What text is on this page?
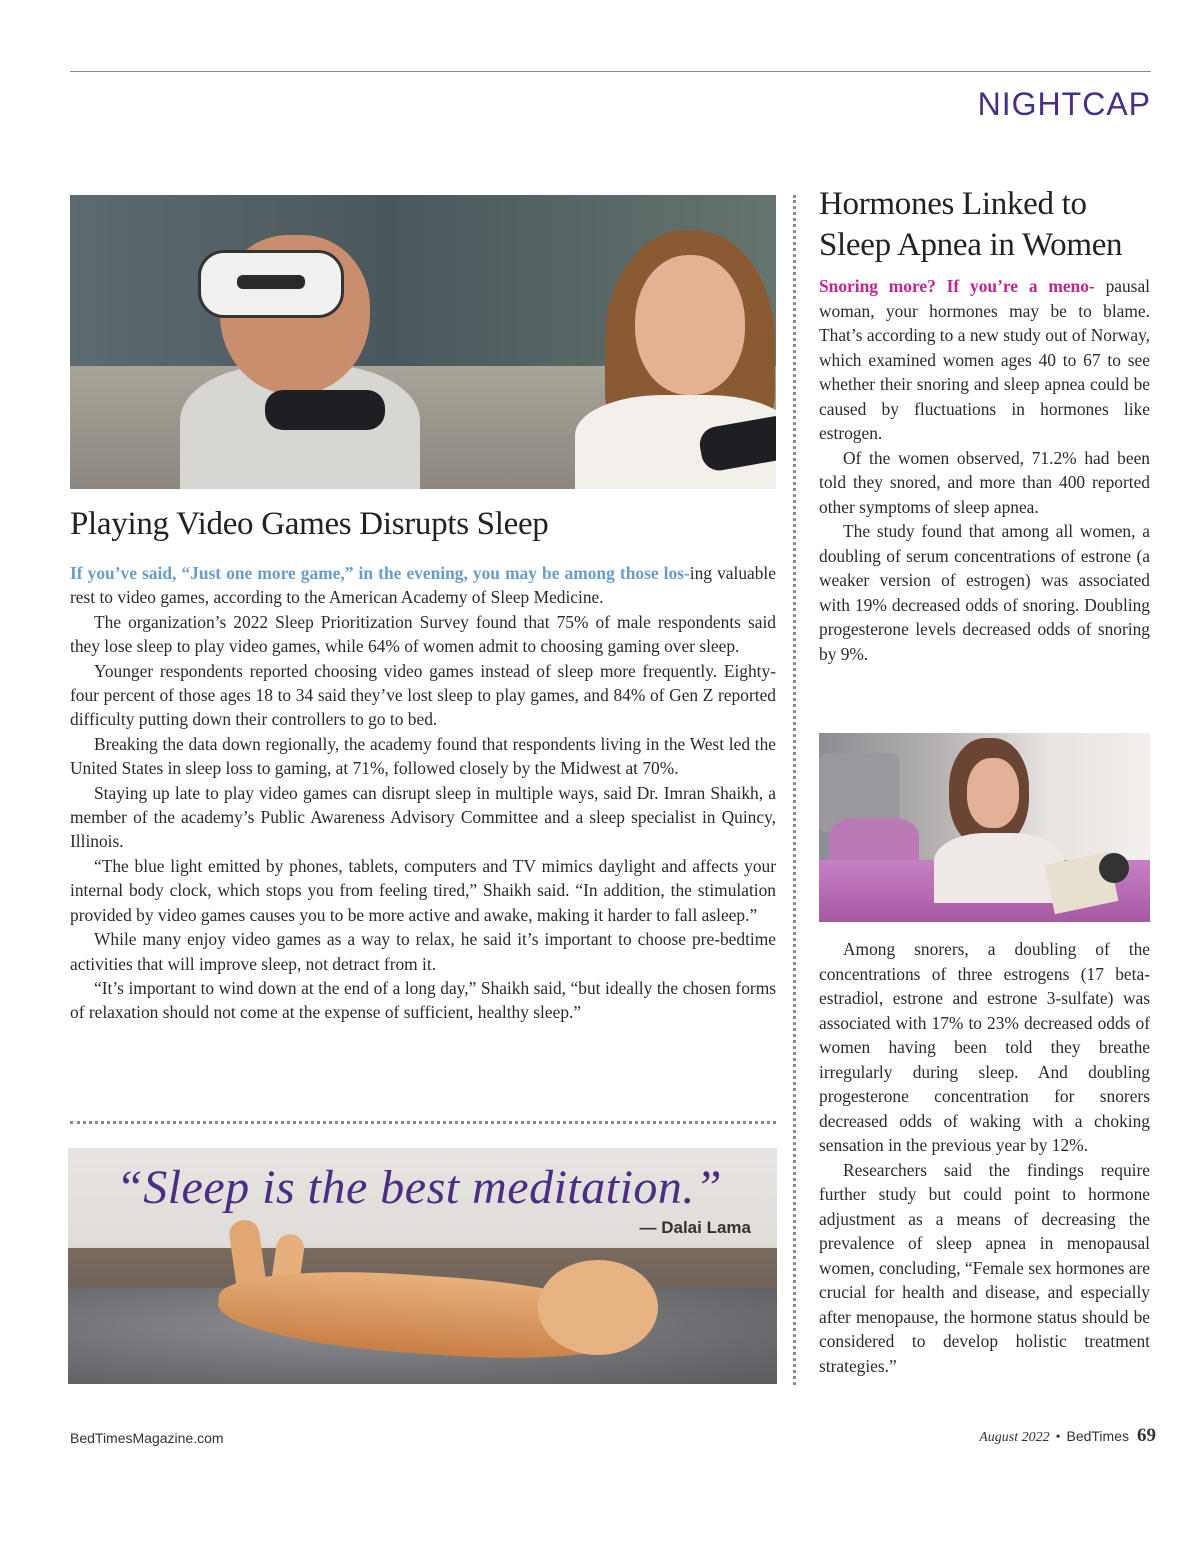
NIGHTCAP
Playing Video Games Disrupts Sleep

If you’ve said, “Just one more game,” in the evening, you may be among those los-ing valuable rest to video games, according to the American Academy of Sleep Medicine.

The organization’s 2022 Sleep Prioritization Survey found that 75% of male respondents said they lose sleep to play video games, while 64% of women admit to choosing gaming over sleep.

Younger respondents reported choosing video games instead of sleep more frequently. Eighty-four percent of those ages 18 to 34 said they’ve lost sleep to play games, and 84% of Gen Z reported difficulty putting down their controllers to go to bed.

Breaking the data down regionally, the academy found that respondents living in the West led the United States in sleep loss to gaming, at 71%, followed closely by the Midwest at 70%.

Staying up late to play video games can disrupt sleep in multiple ways, said Dr. Imran Shaikh, a member of the academy’s Public Awareness Advisory Committee and a sleep specialist in Quincy, Illinois.

“The blue light emitted by phones, tablets, computers and TV mimics daylight and affects your internal body clock, which stops you from feeling tired,” Shaikh said. “In addition, the stimulation provided by video games causes you to be more active and awake, making it harder to fall asleep.”

While many enjoy video games as a way to relax, he said it’s important to choose pre-bedtime activities that will improve sleep, not detract from it.

“It’s important to wind down at the end of a long day,” Shaikh said, “but ideally the chosen forms of relaxation should not come at the expense of sufficient, healthy sleep.”

“Sleep is the best meditation.”

— Dalai Lama
Hormones Linked to Sleep Apnea in Women

Snoring more? If you’re a meno- pausal woman, your hormones may be to blame. That’s according to a new study out of Norway, which examined women ages 40 to 67 to see whether their snoring and sleep apnea could be caused by fluctuations in hormones like estrogen.

Of the women observed, 71.2% had been told they snored, and more than 400 reported other symptoms of sleep apnea.

The study found that among all women, a doubling of serum concentrations of estrone (a weaker version of estrogen) was associated with 19% decreased odds of snoring. Doubling progesterone levels decreased odds of snoring by 9%.

Among snorers, a doubling of the concentrations of three estrogens (17 beta-estradiol, estrone and estrone 3-sulfate) was associated with 17% to 23% decreased odds of women having been told they breathe irregularly during sleep. And doubling progesterone concentration for snorers decreased odds of waking with a choking sensation in the previous year by 12%.

Researchers said the findings require further study but could point to hormone adjustment as a means of decreasing the prevalence of sleep apnea in menopausal women, concluding, “Female sex hormones are crucial for health and disease, and especially after menopause, the hormone status should be considered to develop holistic treatment strategies.”

BedTimesMagazine.com	August 2022 • BedTimes 69
